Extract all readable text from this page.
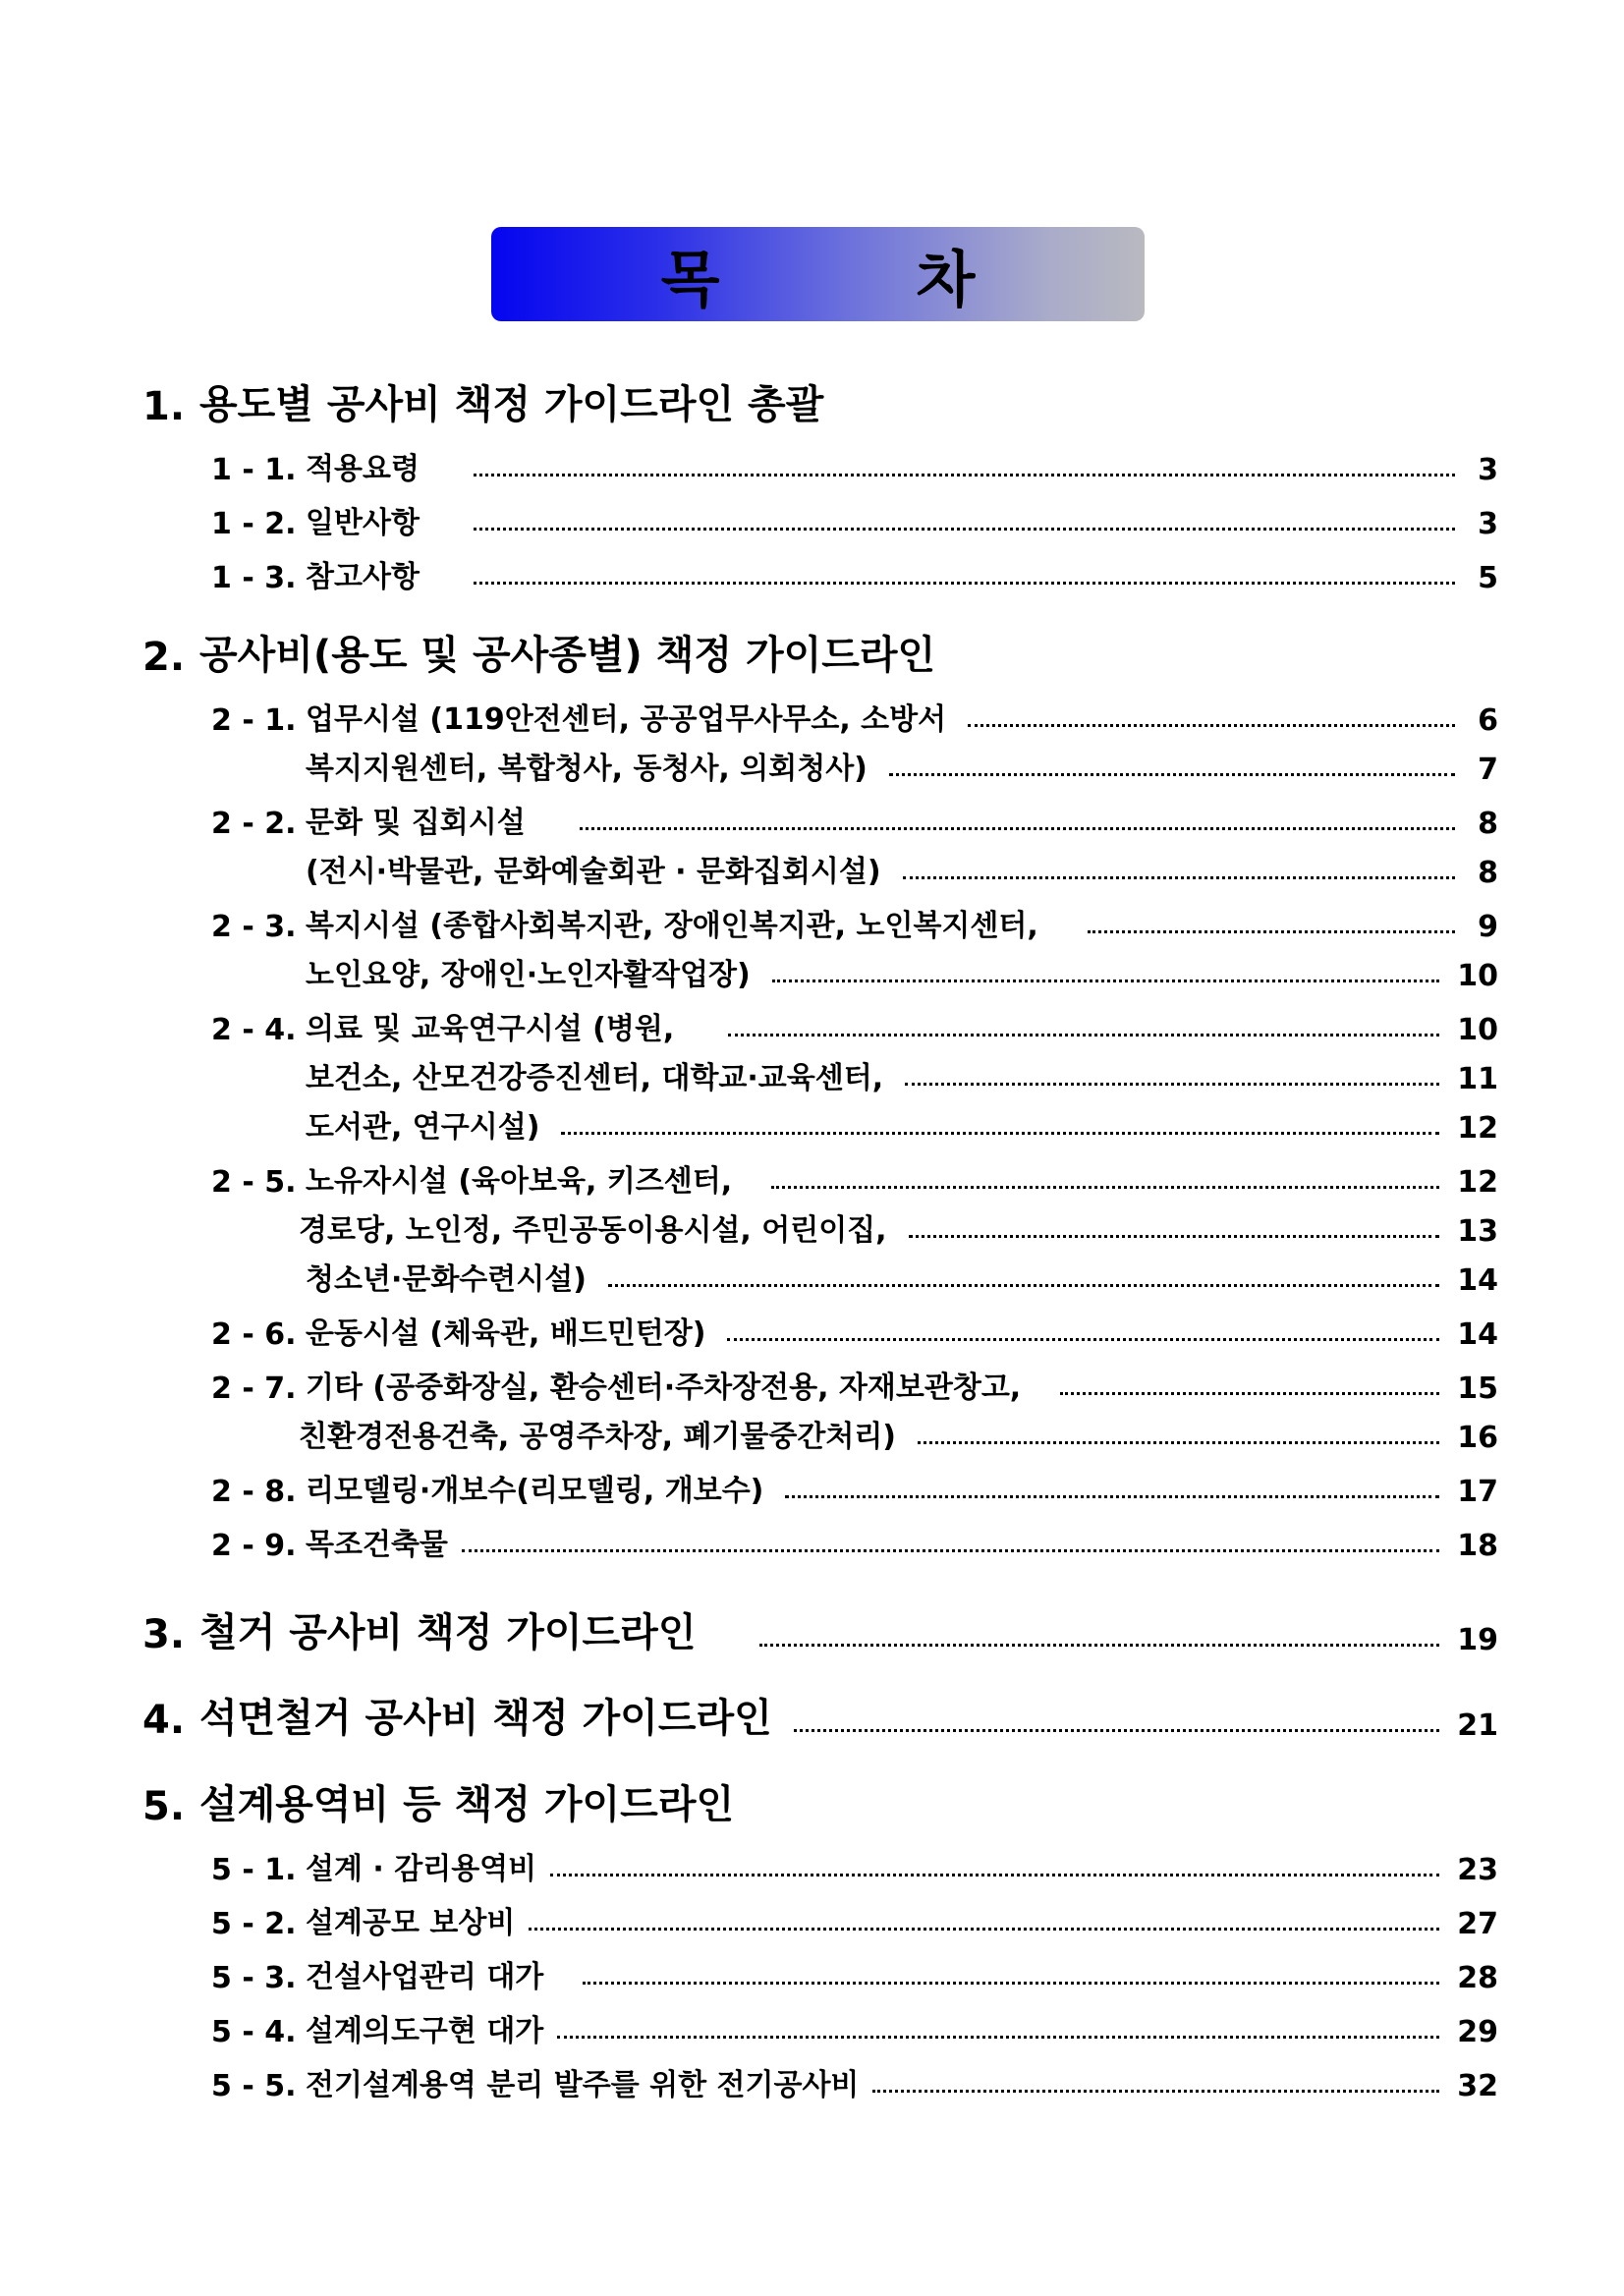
목	차
1. 용도별 공사비 책정 가이드라인 총괄
1 - 1. 적용요령	3
1 - 2. 일반사항	3
1 - 3. 참고사항	5
2. 공사비(용도 및 공사종별) 책정 가이드라인
2 - 1. 업무시설 (119안전센터, 공공업무사무소, 소방서	6
복지지원센터, 복합청사, 동청사, 의회청사)	7
2 - 2. 문화 및 집회시설	8
(전시·박물관, 문화예술회관 · 문화집회시설)	8
2 - 3. 복지시설 (종합사회복지관, 장애인복지관, 노인복지센터,	9
노인요양, 장애인·노인자활작업장)	10
2 - 4. 의료 및 교육연구시설 (병원,	10
보건소, 산모건강증진센터, 대학교·교육센터,	11
도서관, 연구시설)	12
2 - 5. 노유자시설 (육아보육, 키즈센터,	12
경로당, 노인정, 주민공동이용시설, 어린이집,	13
청소년·문화수련시설)	14
2 - 6. 운동시설 (체육관, 배드민턴장)	14
2 - 7. 기타 (공중화장실, 환승센터·주차장전용, 자재보관창고,	15
친환경전용건축, 공영주차장, 폐기물중간처리)	16
2 - 8. 리모델링·개보수(리모델링, 개보수)	17
2 - 9. 목조건축물	18
3. 철거 공사비 책정 가이드라인	19
4. 석면철거 공사비 책정 가이드라인	21
5. 설계용역비 등 책정 가이드라인
5 - 1. 설계 · 감리용역비	23
5 - 2. 설계공모 보상비	27
5 - 3. 건설사업관리 대가	28
5 - 4. 설계의도구현 대가	29
5 - 5. 전기설계용역 분리 발주를 위한 전기공사비	32
